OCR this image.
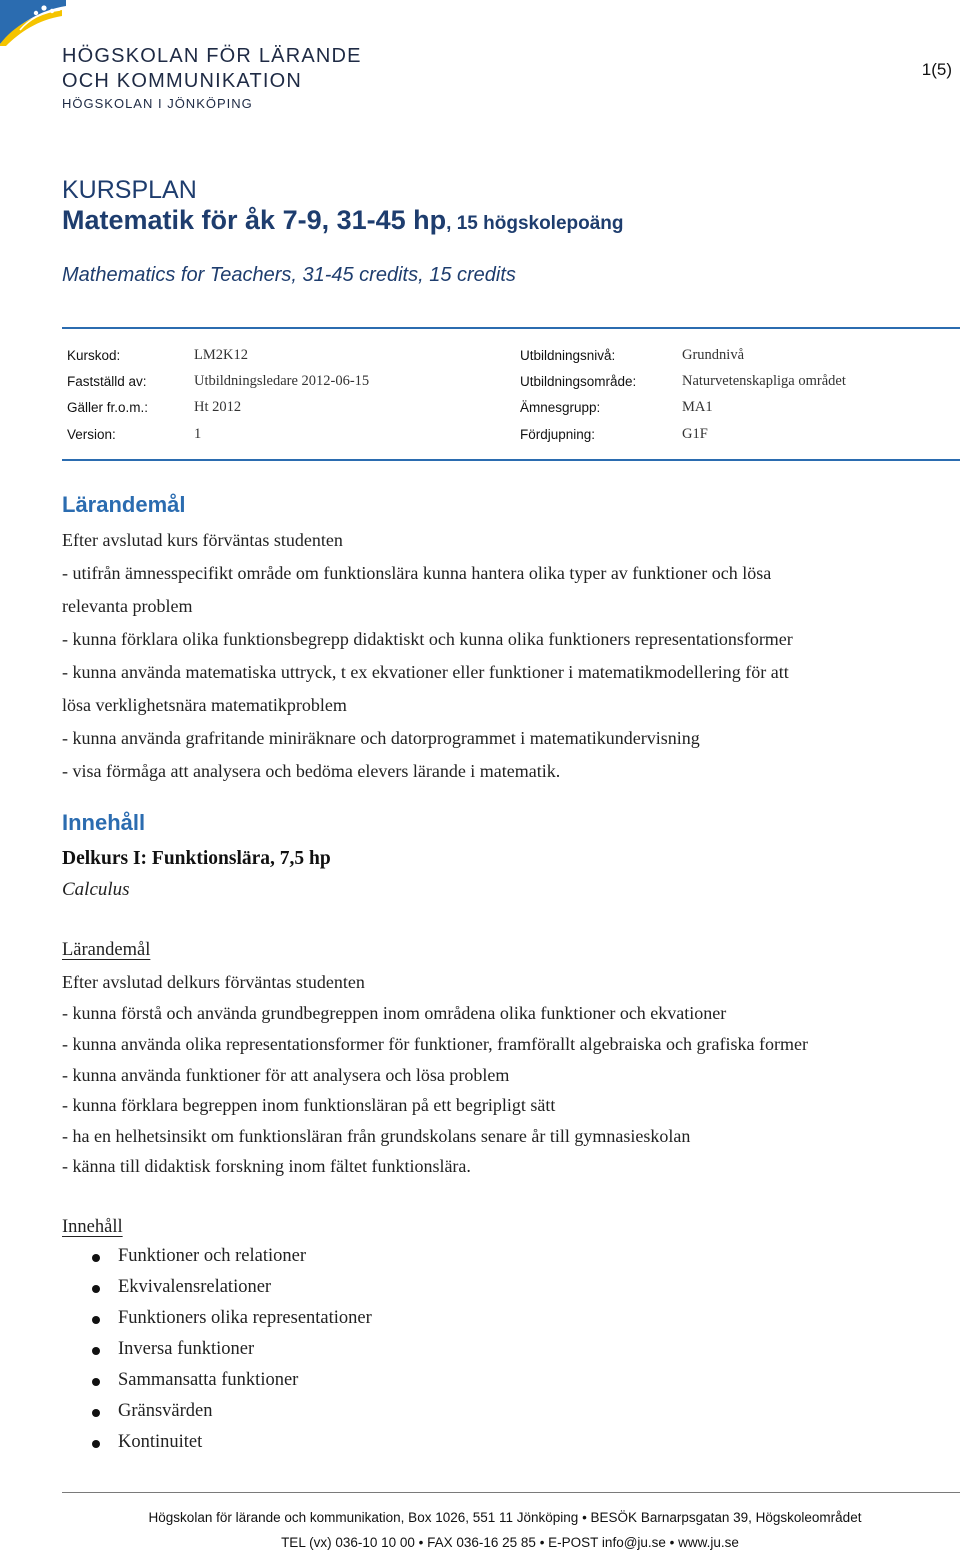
HÖGSKOLAN FÖR LÄRANDE
OCH KOMMUNIKATION
HÖGSKOLAN I JÖNKÖPING
1(5)
KURSPLAN
Matematik för åk 7-9, 31-45 hp, 15 högskolepoäng
Mathematics for Teachers, 31-45 credits, 15 credits
Kurskod:	LM2K12
Fastställd av:	Utbildningsledare 2012-06-15
Gäller fr.o.m.:	Ht 2012
Version:	1
Utbildningsnivå:	Grundnivå
Utbildningsområde:	Naturvetenskapliga området
Ämnesgrupp:	MA1
Fördjupning:	G1F
Lärandemål
Efter avslutad kurs förväntas studenten
- utifrån ämnesspecifikt område om funktionslära kunna hantera olika typer av funktioner och lösa
relevanta problem
- kunna förklara olika funktionsbegrepp didaktiskt och kunna olika funktioners representationsformer
- kunna använda matematiska uttryck, t ex ekvationer eller funktioner i matematikmodellering för att
lösa verklighetsnära matematikproblem
- kunna använda grafritande miniräknare och datorprogrammet i matematikundervisning
- visa förmåga att analysera och bedöma elevers lärande i matematik.
Innehåll
Delkurs I: Funktionslära, 7,5 hp
Calculus
Lärandemål
Efter avslutad delkurs förväntas studenten
- kunna förstå och använda grundbegreppen inom områdena olika funktioner och ekvationer
- kunna använda olika representationsformer för funktioner, framförallt algebraiska och grafiska former
- kunna använda funktioner för att analysera och lösa problem
- kunna förklara begreppen inom funktionsläran på ett begripligt sätt
- ha en helhetsinsikt om funktionsläran från grundskolans senare år till gymnasieskolan
- känna till didaktisk forskning inom fältet funktionslära.
Innehåll
Funktioner och relationer
Ekvivalensrelationer
Funktioners olika representationer
Inversa funktioner
Sammansatta funktioner
Gränsvärden
Kontinuitet
Högskolan för lärande och kommunikation, Box 1026, 551 11 Jönköping • BESÖK Barnarpsgatan 39, Högskoleområdet
TEL (vx) 036-10 10 00 • FAX 036-16 25 85 • E-POST info@ju.se • www.ju.se
